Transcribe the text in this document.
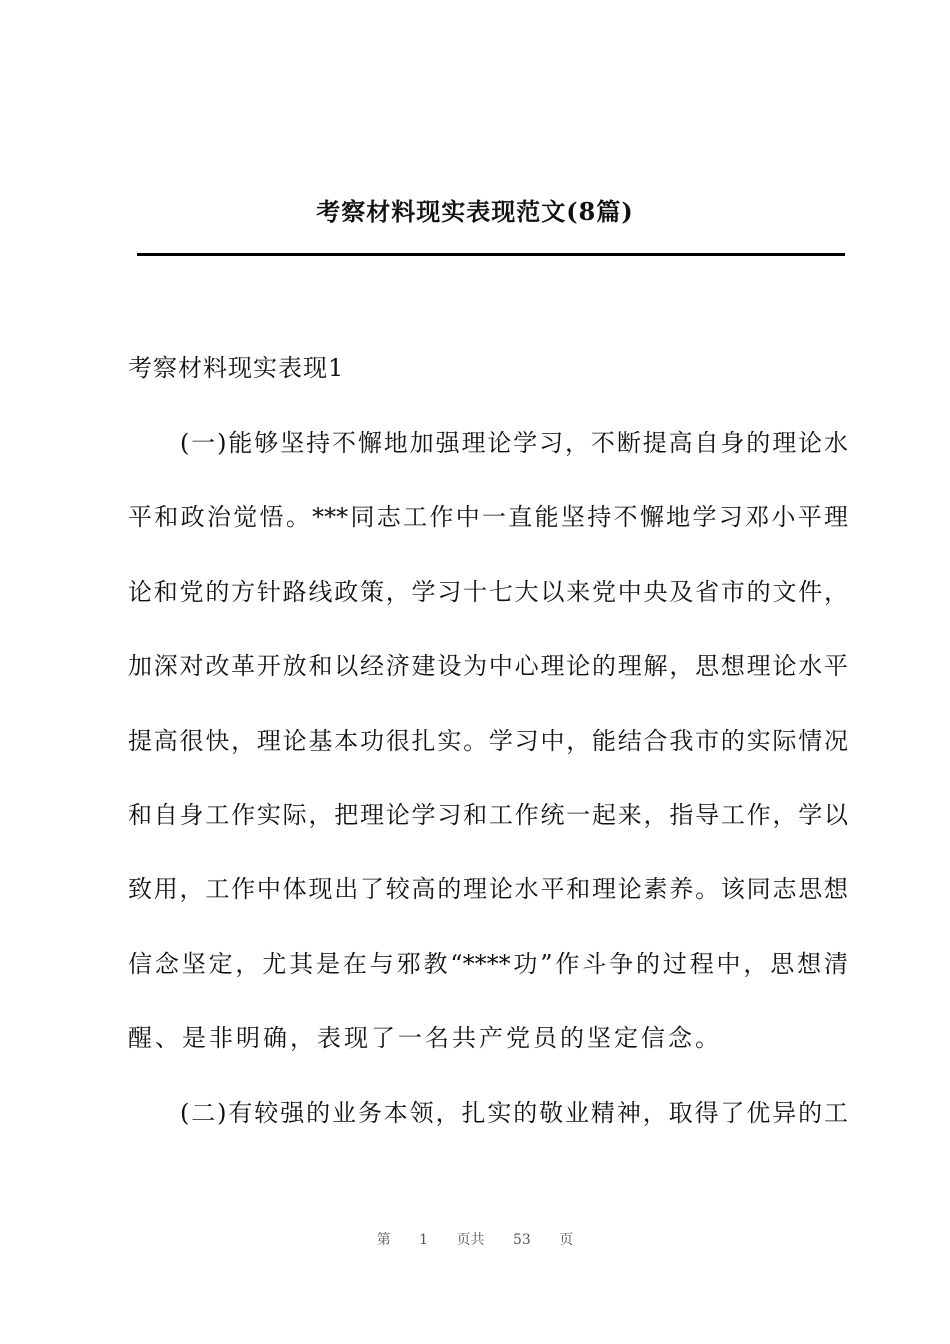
考察材料现实表现范文(8篇)
考察材料现实表现1
(一)能够坚持不懈地加强理论学习，不断提高自身的理论水
平和政治觉悟。***同志工作中一直能坚持不懈地学习邓小平理
论和党的方针路线政策，学习十七大以来党中央及省市的文件，
加深对改革开放和以经济建设为中心理论的理解，思想理论水平
提高很快，理论基本功很扎实。学习中，能结合我市的实际情况
和自身工作实际，把理论学习和工作统一起来，指导工作，学以
致用，工作中体现出了较高的理论水平和理论素养。该同志思想
信念坚定，尤其是在与邪教“****功”作斗争的过程中，思想清
醒、是非明确，表现了一名共产党员的坚定信念。
(二)有较强的业务本领，扎实的敬业精神，取得了优异的工
第 1 页共 53 页
